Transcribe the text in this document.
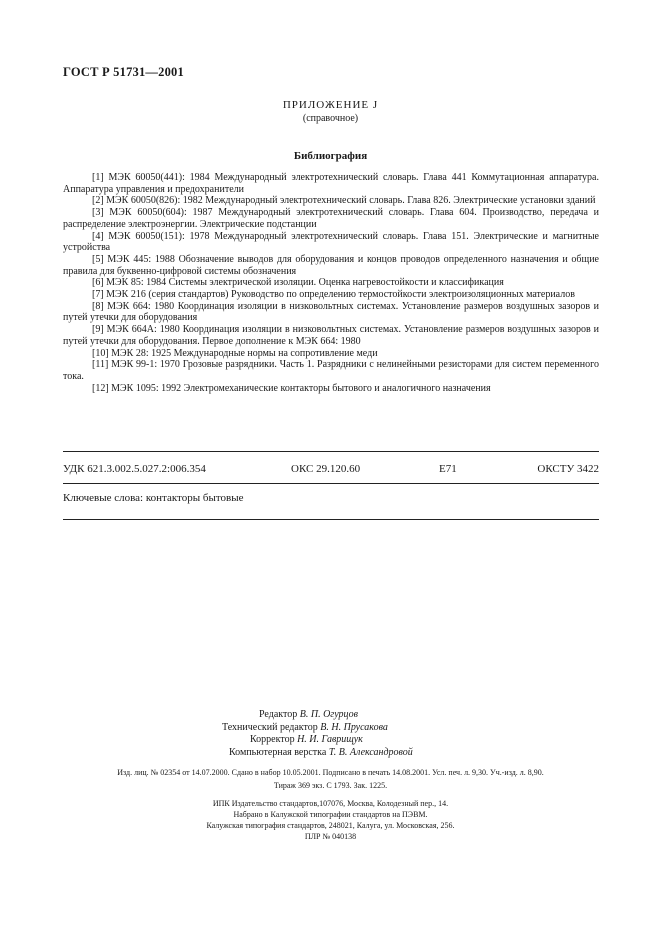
ГОСТ Р 51731—2001
ПРИЛОЖЕНИЕ J
(справочное)
Библиография

[1] МЭК 60050(441): 1984 Международный электротехнический словарь. Глава 441 Коммутационная аппаратура. Аппаратура управления и предохранители

[2] МЭК 60050(826): 1982 Международный электротехнический словарь. Глава 826. Электрические установки зданий

[3] МЭК 60050(604): 1987 Международный электротехнический словарь. Глава 604. Производство, передача и распределение электроэнергии. Электрические подстанции

[4] МЭК 60050(151): 1978 Международный электротехнический словарь. Глава 151. Электрические и магнитные устройства

[5] МЭК 445: 1988 Обозначение выводов для оборудования и концов проводов определенного назначения и общие правила для буквенно-цифровой системы обозначения

[6] МЭК 85: 1984 Системы электрической изоляции. Оценка нагревостойкости и классификация

[7] МЭК 216 (серия стандартов) Руководство по определению термостойкости электроизоляционных материалов

[8] МЭК 664: 1980 Координация изоляции в низковольтных системах. Установление размеров воздушных зазоров и путей утечки для оборудования

[9] МЭК 664А: 1980 Координация изоляции в низковольтных системах. Установление размеров воздушных зазоров и путей утечки для оборудования. Первое дополнение к МЭК 664: 1980

[10] МЭК 28: 1925 Международные нормы на сопротивление меди

[11] МЭК 99-1: 1970 Грозовые разрядники. Часть 1. Разрядники с нелинейными резисторами для систем переменного тока.

[12] МЭК 1095: 1992 Электромеханические контакторы бытового и аналогичного назначения

УДК 621.3.002.5.027.2:006.354	ОКС 29.120.60	Е71	ОКСТУ 3422
Ключевые слова: контакторы бытовые
Редактор В. П. Огурцов
Технический редактор В. Н. Прусакова
Корректор Н. И. Гаврищук
Компьютерная верстка Т. В. Александровой
Изд. лиц. № 02354 от 14.07.2000. Сдано в набор 10.05.2001. Подписано в печать 14.08.2001. Усл. печ. л. 9,30. Уч.-изд. л. 8,90.
Тираж 369 экз. С 1793. Зак. 1225.
ИПК Издательство стандартов,107076, Москва, Колодезный пер., 14.
Набрано в Калужской типографии стандартов на ПЭВМ.
Калужская типография стандартов, 248021, Калуга, ул. Московская, 256.
ПЛР № 040138
